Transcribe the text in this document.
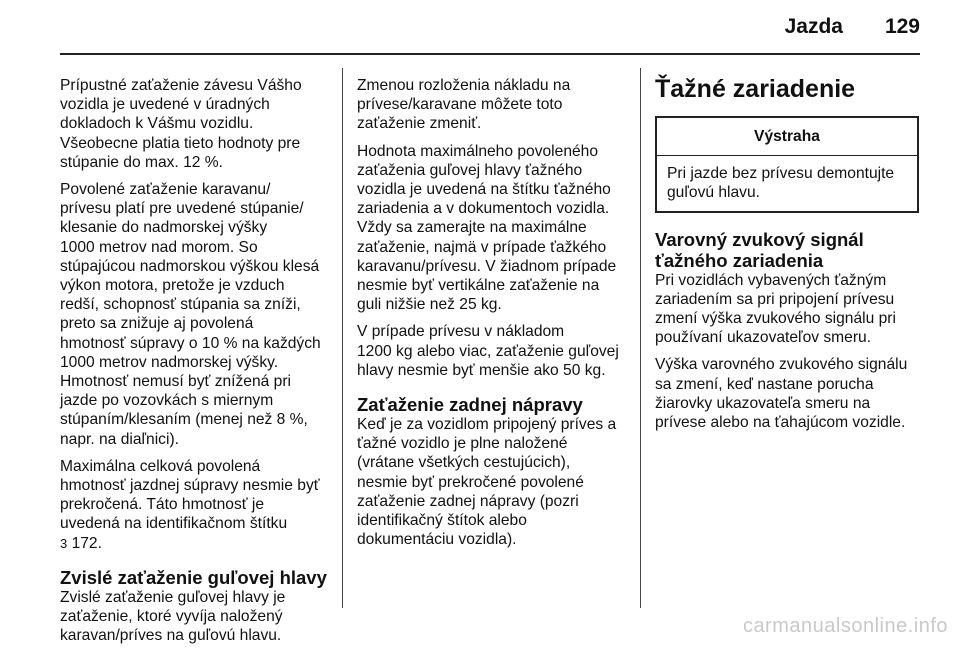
Jazda 129
Prípustné zaťaženie závesu Vášho
vozidla je uvedené v úradných
dokladoch k Vášmu vozidlu.
Všeobecne platia tieto hodnoty pre
stúpanie do max. 12 %.
Povolené zaťaženie karavanu/
prívesu platí pre uvedené stúpanie/
klesanie do nadmorskej výšky
1000 metrov nad morom. So
stúpajúcou nadmorskou výškou klesá
výkon motora, pretože je vzduch
redší, schopnosť stúpania sa zníži,
preto sa znižuje aj povolená
hmotnosť súpravy o 10 % na každých
1000 metrov nadmorskej výšky.
Hmotnosť nemusí byť znížená pri
jazde po vozovkách s miernym
stúpaním/klesaním (menej než 8 %,
napr. na diaľnici).
Maximálna celková povolená
hmotnosť jazdnej súpravy nesmie byť
prekročená. Táto hmotnosť je
uvedená na identifikačnom štítku
3 172.
Zvislé zaťaženie guľovej hlavy
Zvislé zaťaženie guľovej hlavy je
zaťaženie, ktoré vyvíja naložený
karavan/príves na guľovú hlavu.
Zmenou rozloženia nákladu na
prívese/karavane môžete toto
zaťaženie zmeniť.
Hodnota maximálneho povoleného
zaťaženia guľovej hlavy ťažného
vozidla je uvedená na štítku ťažného
zariadenia a v dokumentoch vozidla.
Vždy sa zamerajte na maximálne
zaťaženie, najmä v prípade ťažkého
karavanu/prívesu. V žiadnom prípade
nesmie byť vertikálne zaťaženie na
guli nižšie než 25 kg.
V prípade prívesu v nákladom
1200 kg alebo viac, zaťaženie guľovej
hlavy nesmie byť menšie ako 50 kg.
Zaťaženie zadnej nápravy
Keď je za vozidlom pripojený príves a
ťažné vozidlo je plne naložené
(vrátane všetkých cestujúcich),
nesmie byť prekročené povolené
zaťaženie zadnej nápravy (pozri
identifikačný štítok alebo
dokumentáciu vozidla).
Ťažné zariadenie
Výstraha
Pri jazde bez prívesu demontujte
guľovú hlavu.
Varovný zvukový signál
ťažného zariadenia
Pri vozidlách vybavených ťažným
zariadením sa pri pripojení prívesu
zmení výška zvukového signálu pri
používaní ukazovateľov smeru.
Výška varovného zvukového signálu
sa zmení, keď nastane porucha
žiarovky ukazovateľa smeru na
prívese alebo na ťahajúcom vozidle.
carmanualsonline.info
